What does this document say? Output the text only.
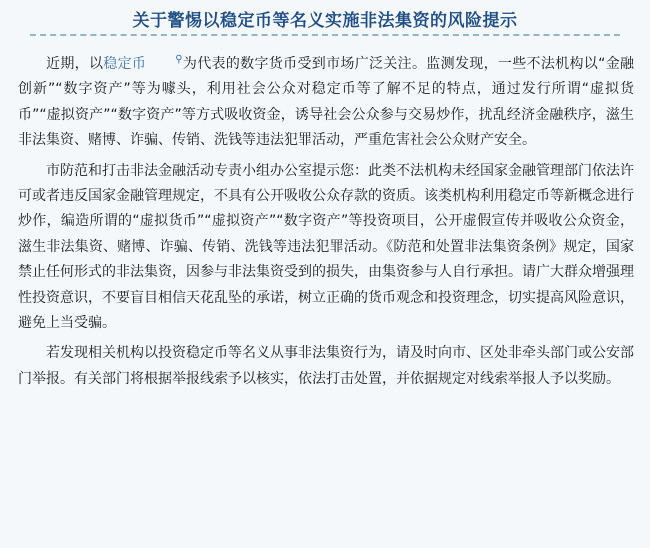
关于警惕以稳定币等名义实施非法集资的风险提示

近期，以稳定币	⚲为代表的数字货币受到市场广泛关注。监测发现，一些不法机构以“金融创新”“数字资产”等为噱头，利用社会公众对稳定币等了解不足的特点，通过发行所谓“虚拟货币”“虚拟资产”“数字资产”等方式吸收资金，诱导社会公众参与交易炒作，扰乱经济金融秩序，滋生非法集资、赌博、诈骗、传销、洗钱等违法犯罪活动，严重危害社会公众财产安全。

市防范和打击非法金融活动专责小组办公室提示您：此类不法机构未经国家金融管理部门依法许可或者违反国家金融管理规定，不具有公开吸收公众存款的资质。该类机构利用稳定币等新概念进行炒作，编造所谓的“虚拟货币”“虚拟资产”“数字资产”等投资项目，公开虚假宣传并吸收公众资金，滋生非法集资、赌博、诈骗、传销、洗钱等违法犯罪活动。《防范和处置非法集资条例》规定，国家禁止任何形式的非法集资，因参与非法集资受到的损失，由集资参与人自行承担。请广大群众增强理性投资意识，不要盲目相信天花乱坠的承诺，树立正确的货币观念和投资理念，切实提高风险意识，避免上当受骗。

若发现相关机构以投资稳定币等名义从事非法集资行为，请及时向市、区处非牵头部门或公安部门举报。有关部门将根据举报线索予以核实，依法打击处置，并依据规定对线索举报人予以奖励。
